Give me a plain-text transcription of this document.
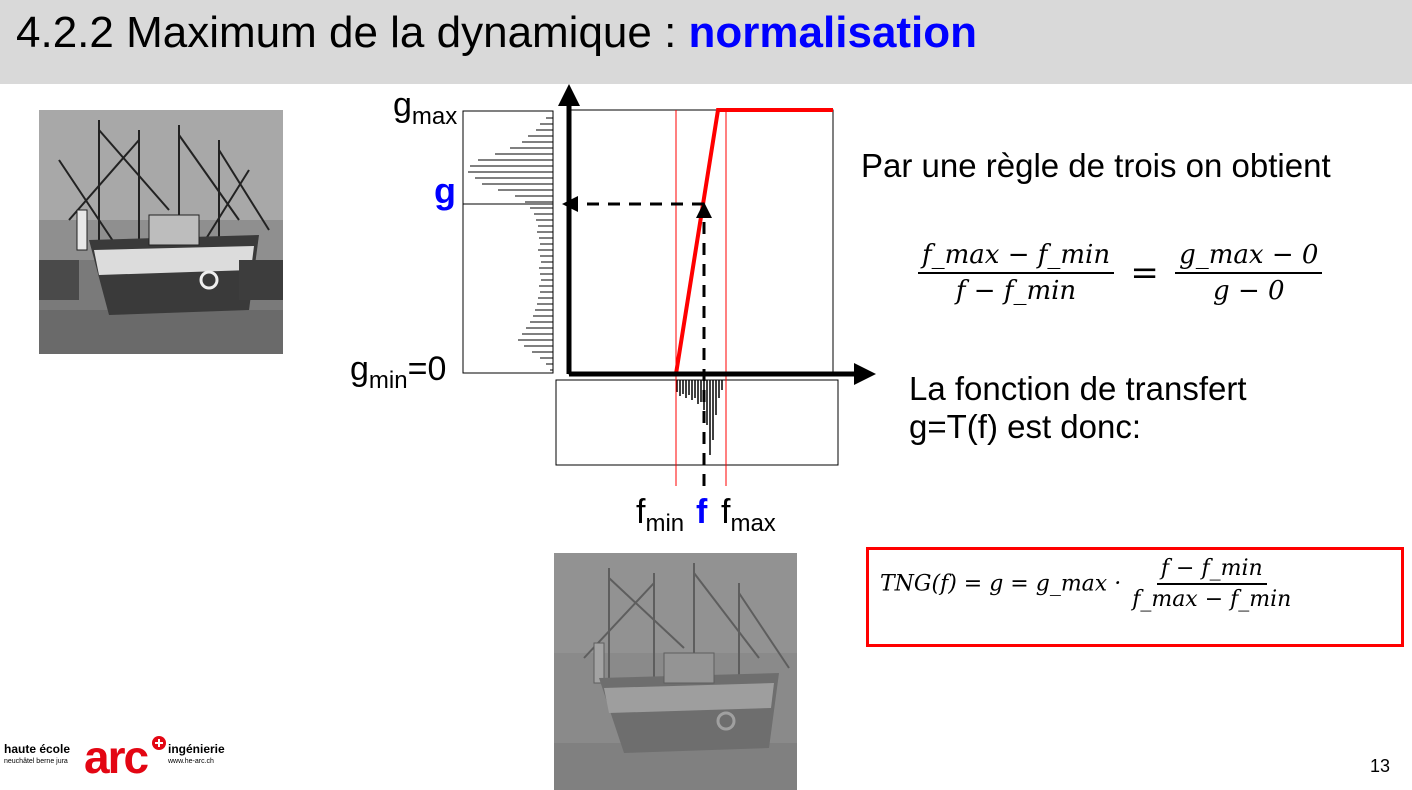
4.2.2 Maximum de la dynamique : normalisation
$g_{max}$
g
$g_{min}=0$
$f_{min}$ f $f_{max}$
Par une règle de trois on obtient
La fonction de transfert
g=T(f) est donc:
$\frac{f\_\max - f\_\min}{f - f\_\min} = \frac{g\_\max - 0}{g - 0}$
TNG(f) = g = g_max · $\frac{f - f\_\min}{f\_\max - f\_\min}$
haute école
neuchâtel berne jura arc ingénierie
www.he-arc.ch	13
